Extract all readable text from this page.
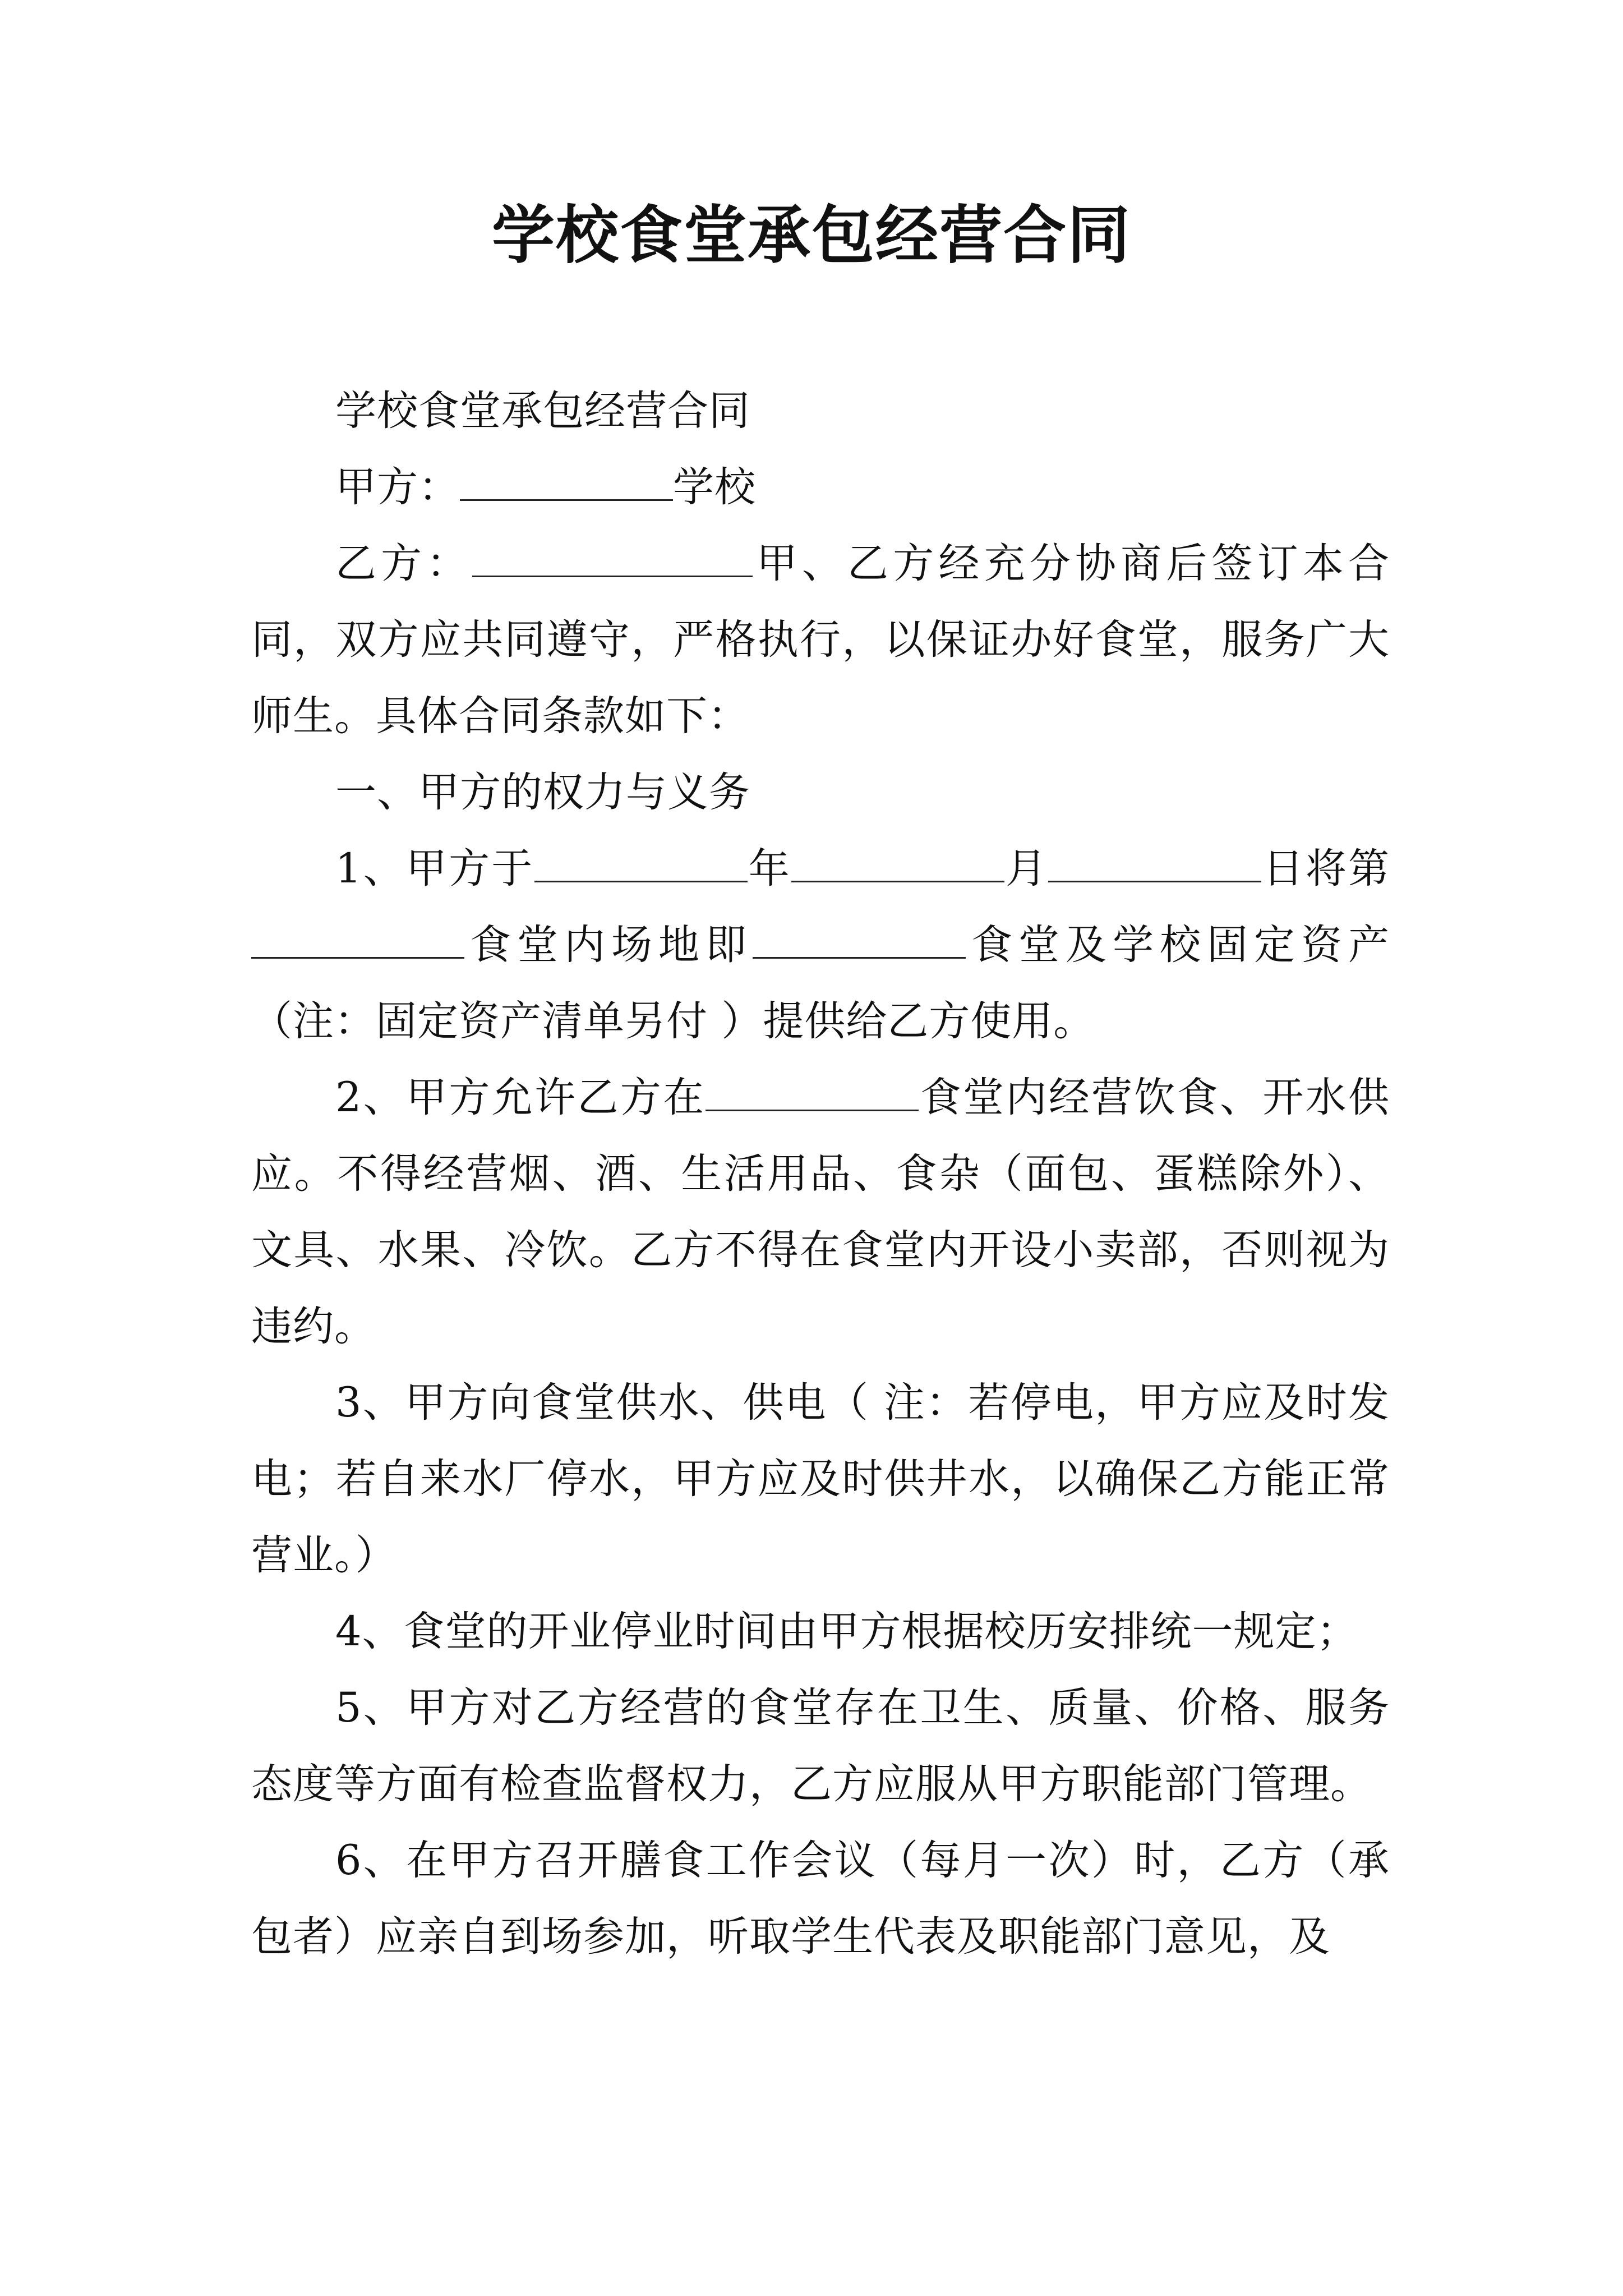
学校食堂承包经营合同

学校食堂承包经营合同

甲方：	学校

乙方：	甲、乙方经充分协商后签订本合同，双方应共同遵守，严格执行，以保证办好食堂，服务广大师生。具体合同条款如下：

一、甲方的权力与义务

1、甲方于	年	月	日将第食堂内场地即	食堂及学校固定资产（注：固定资产清单另付 ）提供给乙方使用。

2、甲方允许乙方在	食堂内经营饮食、开水供应。不得经营烟、酒、生活用品、食杂（面包、蛋糕除外）、文具、水果、冷饮。乙方不得在食堂内开设小卖部，否则视为违约。

3、甲方向食堂供水、供电（ 注：若停电，甲方应及时发电；若自来水厂停水，甲方应及时供井水，以确保乙方能正常营业。）

4、食堂的开业停业时间由甲方根据校历安排统一规定；

5、甲方对乙方经营的食堂存在卫生、质量、价格、服务态度等方面有检查监督权力，乙方应服从甲方职能部门管理。

6、在甲方召开膳食工作会议（每月一次）时，乙方（承包者）应亲自到场参加，听取学生代表及职能部门意见，及
